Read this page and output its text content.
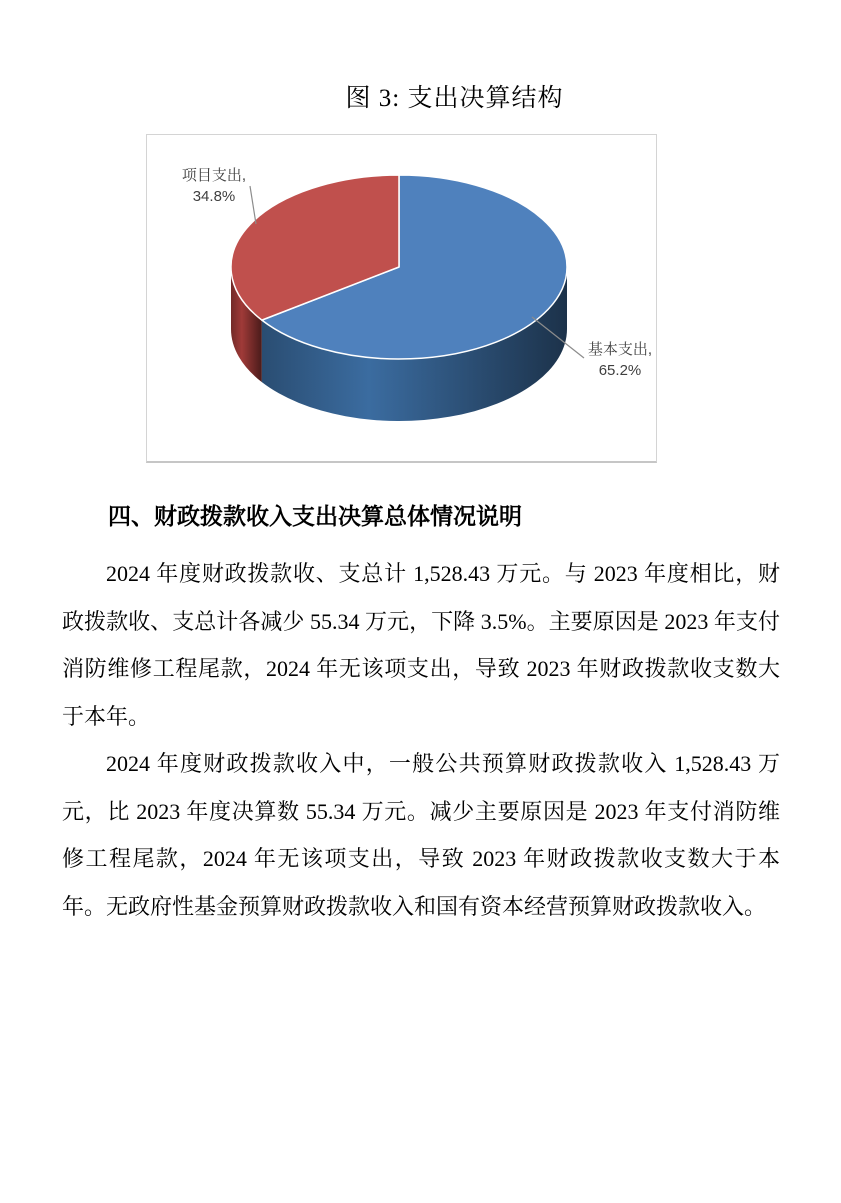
图 3: 支出决算结构
项目支出,
34.8%
基本支出,
65.2%
四、财政拨款收入支出决算总体情况说明

2024 年度财政拨款收、支总计 1,528.43 万元。与 2023 年度相比，财政拨款收、支总计各减少 55.34 万元，下降 3.5%。主要原因是 2023 年支付消防维修工程尾款，2024 年无该项支出，导致 2023 年财政拨款收支数大于本年。

2024 年度财政拨款收入中，一般公共预算财政拨款收入 1,528.43 万元，比 2023 年度决算数 55.34 万元。减少主要原因是 2023 年支付消防维修工程尾款，2024 年无该项支出，导致 2023 年财政拨款收支数大于本年。无政府性基金预算财政拨款收入和国有资本经营预算财政拨款收入。
